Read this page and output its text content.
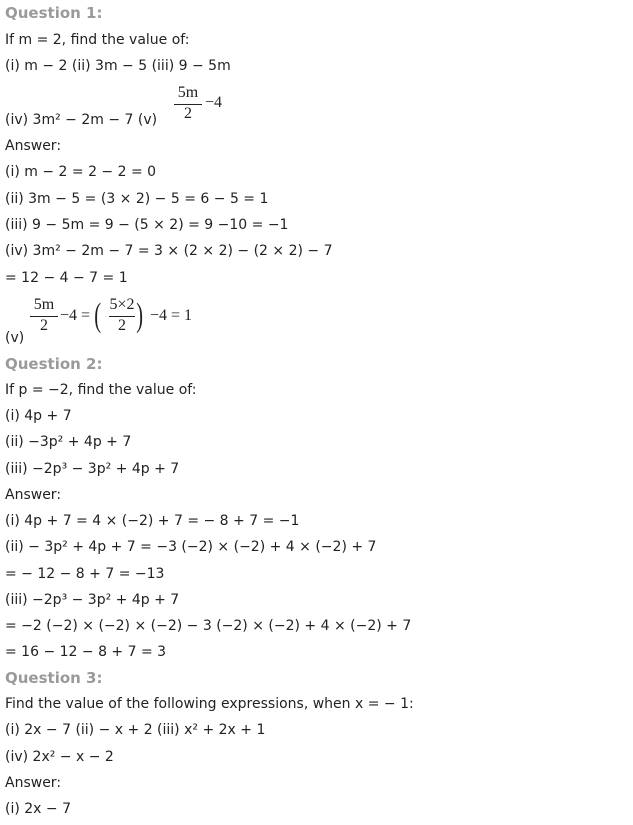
Question 1:
If m = 2, find the value of:
(i) m − 2 (ii) 3m − 5 (iii) 9 − 5m
(iv) 3m² − 2m − 7 (v)
5m
2
−4
Answer:
(i) m − 2 = 2 − 2 = 0
(ii) 3m − 5 = (3 × 2) − 5 = 6 − 5 = 1
(iii) 9 − 5m = 9 − (5 × 2) = 9 −10 = −1
(iv) 3m² − 2m − 7 = 3 × (2 × 2) − (2 × 2) − 7
= 12 − 4 − 7 = 1
(v)
5m
2
−4 = ( 5×2
2 ) −4 = 1
Question 2:
If p = −2, find the value of:
(i) 4p + 7
(ii) −3p² + 4p + 7
(iii) −2p³ − 3p² + 4p + 7
Answer:
(i) 4p + 7 = 4 × (−2) + 7 = − 8 + 7 = −1
(ii) − 3p² + 4p + 7 = −3 (−2) × (−2) + 4 × (−2) + 7
= − 12 − 8 + 7 = −13
(iii) −2p³ − 3p² + 4p + 7
= −2 (−2) × (−2) × (−2) − 3 (−2) × (−2) + 4 × (−2) + 7
= 16 − 12 − 8 + 7 = 3
Question 3:
Find the value of the following expressions, when x = − 1:
(i) 2x − 7 (ii) − x + 2 (iii) x² + 2x + 1
(iv) 2x² − x − 2
Answer:
(i) 2x − 7
